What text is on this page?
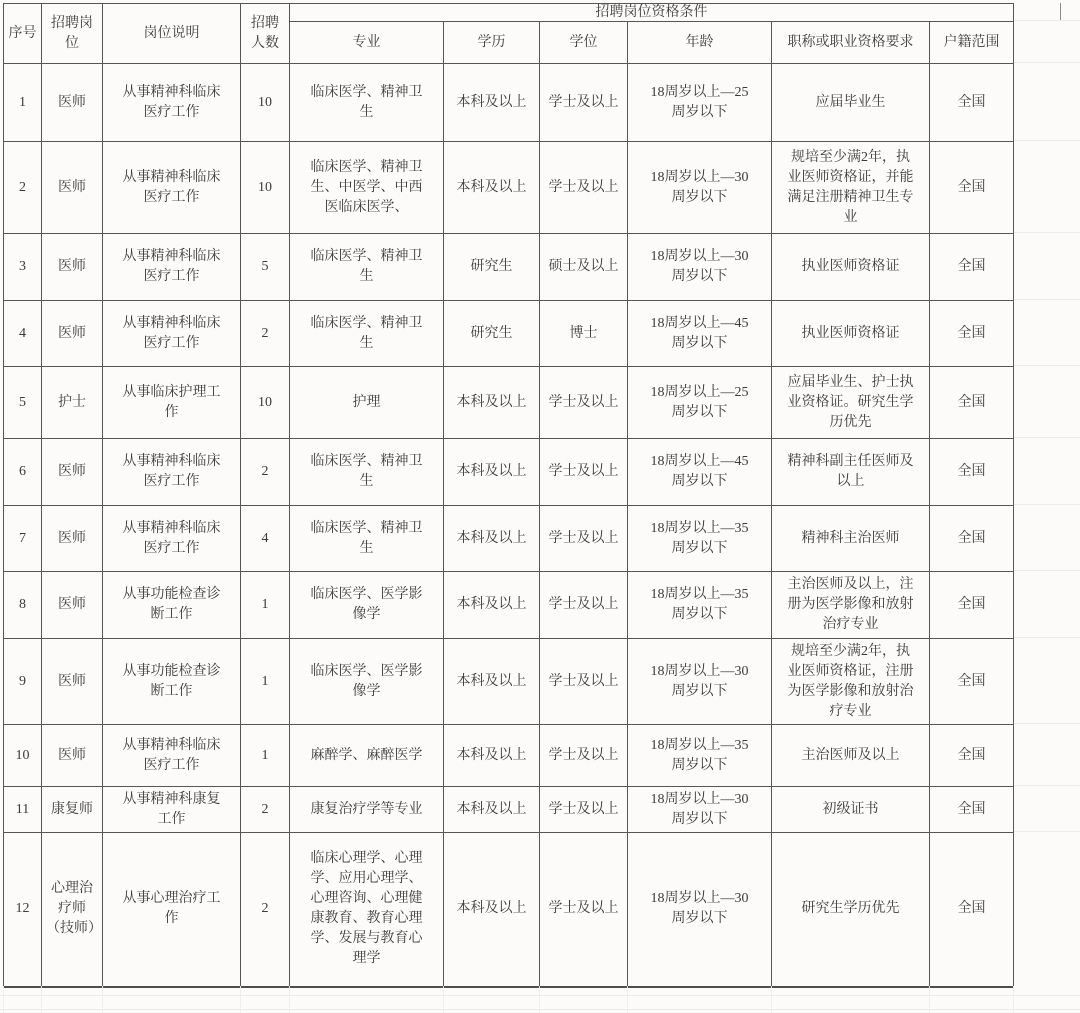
序号	招聘岗位	岗位说明	招聘人数	招聘岗位资格条件					
				专业	学历	学位	年龄	职称或职业资格要求	户籍范围
1	医师	从事精神科临床医疗工作	10	临床医学、精神卫生	本科及以上	学士及以上	18周岁以上—25周岁以下	应届毕业生	全国
2	医师	从事精神科临床医疗工作	10	临床医学、精神卫生、中医学、中西医临床医学、	本科及以上	学士及以上	18周岁以上—30周岁以下	规培至少满2年，执业医师资格证，并能满足注册精神卫生专业	全国
3	医师	从事精神科临床医疗工作	5	临床医学、精神卫生	研究生	硕士及以上	18周岁以上—30周岁以下	执业医师资格证	全国
4	医师	从事精神科临床医疗工作	2	临床医学、精神卫生	研究生	博士	18周岁以上—45周岁以下	执业医师资格证	全国
5	护士	从事临床护理工作	10	护理	本科及以上	学士及以上	18周岁以上—25周岁以下	应届毕业生、护士执业资格证。研究生学历优先	全国
6	医师	从事精神科临床医疗工作	2	临床医学、精神卫生	本科及以上	学士及以上	18周岁以上—45周岁以下	精神科副主任医师及以上	全国
7	医师	从事精神科临床医疗工作	4	临床医学、精神卫生	本科及以上	学士及以上	18周岁以上—35周岁以下	精神科主治医师	全国
8	医师	从事功能检查诊断工作	1	临床医学、医学影像学	本科及以上	学士及以上	18周岁以上—35周岁以下	主治医师及以上，注册为医学影像和放射治疗专业	全国
9	医师	从事功能检查诊断工作	1	临床医学、医学影像学	本科及以上	学士及以上	18周岁以上—30周岁以下	规培至少满2年，执业医师资格证，注册为医学影像和放射治疗专业	全国
10	医师	从事精神科临床医疗工作	1	麻醉学、麻醉医学	本科及以上	学士及以上	18周岁以上—35周岁以下	主治医师及以上	全国
11	康复师	从事精神科康复工作	2	康复治疗学等专业	本科及以上	学士及以上	18周岁以上—30周岁以下	初级证书	全国
12	心理治疗师（技师）	从事心理治疗工作	2	临床心理学、心理学、应用心理学、心理咨询、心理健康教育、教育心理学、发展与教育心理学	本科及以上	学士及以上	18周岁以上—30周岁以下	研究生学历优先	全国
